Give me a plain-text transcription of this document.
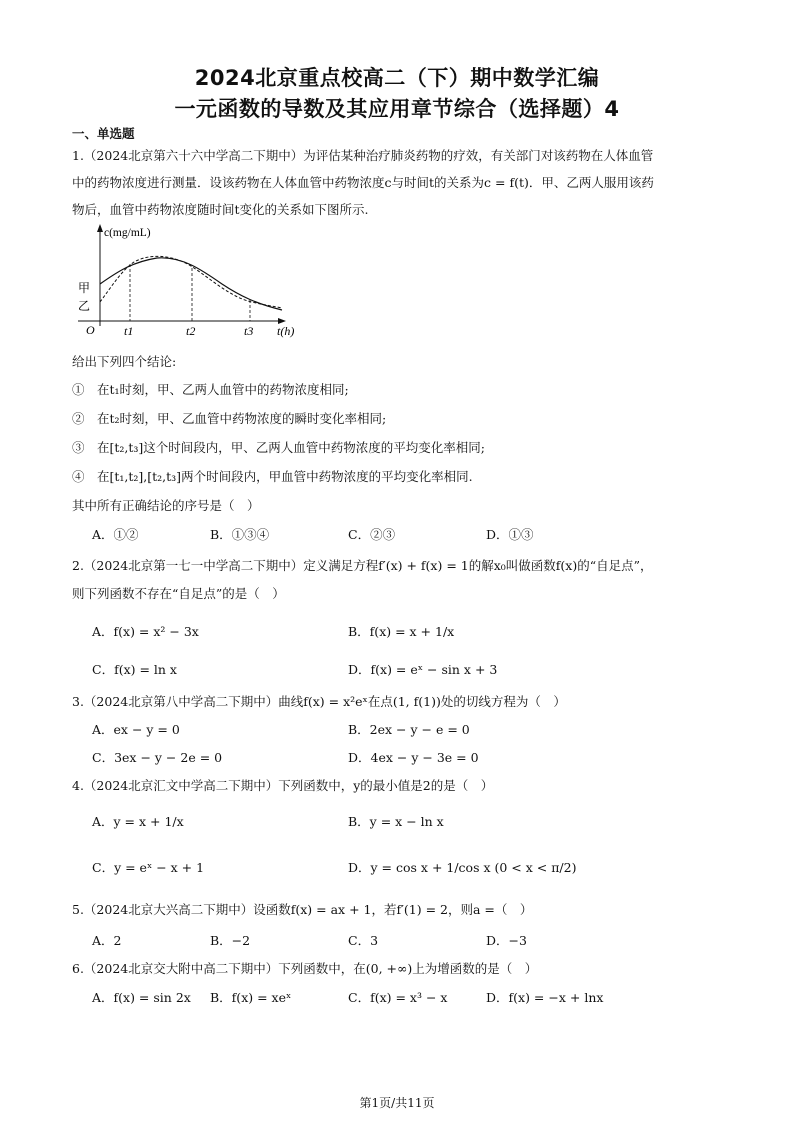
2024北京重点校高二（下）期中数学汇编
一元函数的导数及其应用章节综合（选择题）4
一、单选题
1.（2024北京第六十六中学高二下期中）为评估某种治疗肺炎药物的疗效，有关部门对该药物在人体血管
中的药物浓度进行测量．设该药物在人体血管中药物浓度c与时间t的关系为c = f(t)．甲、乙两人服用该药
物后，血管中药物浓度随时间t变化的关系如下图所示.
c(mg/mL)
O	t(h)
t1	t2	t3
甲
乙
给出下列四个结论:
①　在t₁时刻，甲、乙两人血管中的药物浓度相同;
②　在t₂时刻，甲、乙血管中药物浓度的瞬时变化率相同;
③　在[t₂,t₃]这个时间段内，甲、乙两人血管中药物浓度的平均变化率相同;
④　在[t₁,t₂],[t₂,t₃]两个时间段内，甲血管中药物浓度的平均变化率相同.
其中所有正确结论的序号是（　）
A．①②	B．①③④	C．②③	D．①③
2.（2024北京第一七一中学高二下期中）定义满足方程f′(x) + f(x) = 1的解x₀叫做函数f(x)的“自足点”，
则下列函数不存在“自足点”的是（　）
A．f(x) = x² − 3x	B．f(x) = x + 1/x
C．f(x) = ln x	D．f(x) = eˣ − sin x + 3
3.（2024北京第八中学高二下期中）曲线f(x) = x²eˣ在点(1, f(1))处的切线方程为（　）
A．ex − y = 0	B．2ex − y − e = 0
C．3ex − y − 2e = 0	D．4ex − y − 3e = 0
4.（2024北京汇文中学高二下期中）下列函数中，y的最小值是2的是（　）
A．y = x + 1/x	B．y = x − ln x
C．y = eˣ − x + 1	D．y = cos x + 1/cos x (0 < x < π/2)
5.（2024北京大兴高二下期中）设函数f(x) = ax + 1，若f′(1) = 2，则a =（　）
A．2	B．−2	C．3	D．−3
6.（2024北京交大附中高二下期中）下列函数中，在(0, +∞)上为增函数的是（　）
A．f(x) = sin 2x B．f(x) = xeˣ	C．f(x) = x³ − x	D．f(x) = −x + lnx
第1页/共11页
